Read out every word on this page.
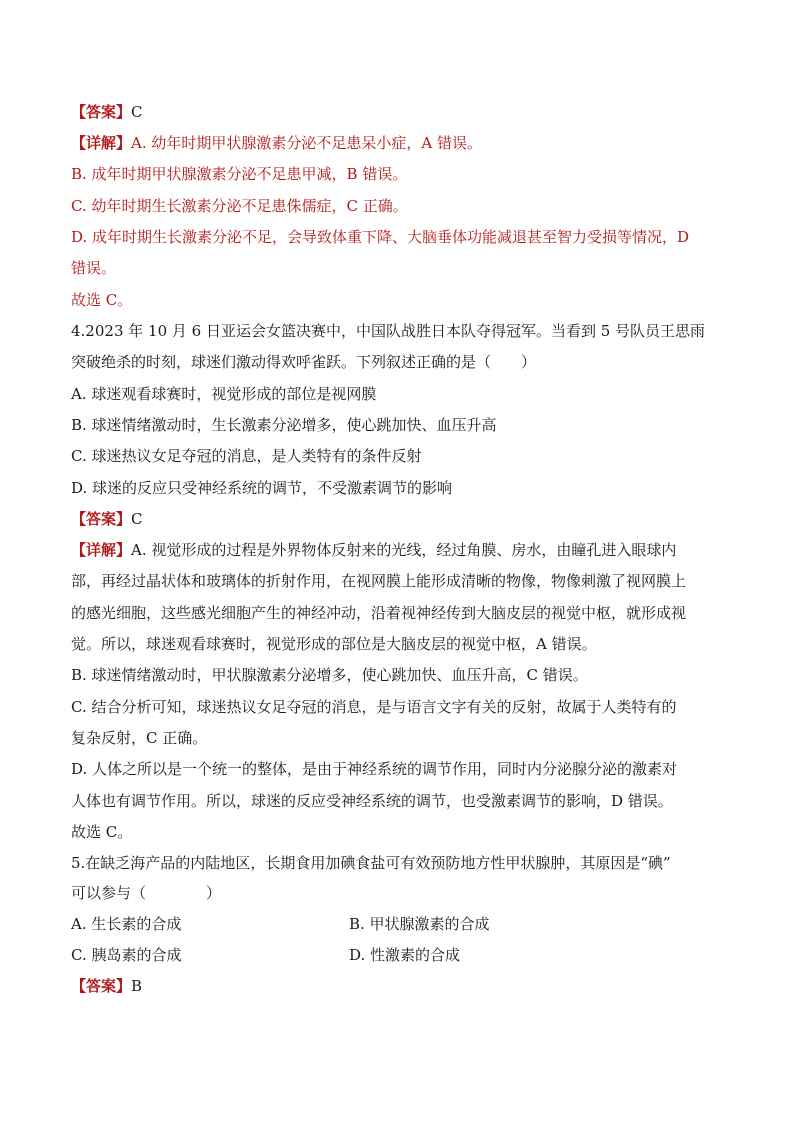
【答案】C
【详解】A. 幼年时期甲状腺激素分泌不足患呆小症，A 错误。
B. 成年时期甲状腺激素分泌不足患甲减，B 错误。
C. 幼年时期生长激素分泌不足患侏儒症，C 正确。
D. 成年时期生长激素分泌不足，会导致体重下降、大脑垂体功能减退甚至智力受损等情况，D
错误。
故选 C。
4.2023 年 10 月 6 日亚运会女篮决赛中，中国队战胜日本队夺得冠军。当看到 5 号队员王思雨
突破绝杀的时刻，球迷们激动得欢呼雀跃。下列叙述正确的是（　　）
A. 球迷观看球赛时，视觉形成的部位是视网膜
B. 球迷情绪激动时，生长激素分泌增多，使心跳加快、血压升高
C. 球迷热议女足夺冠的消息，是人类特有的条件反射
D. 球迷的反应只受神经系统的调节，不受激素调节的影响
【答案】C
【详解】A. 视觉形成的过程是外界物体反射来的光线，经过角膜、房水，由瞳孔进入眼球内
部，再经过晶状体和玻璃体的折射作用，在视网膜上能形成清晰的物像，物像刺激了视网膜上
的感光细胞，这些感光细胞产生的神经冲动，沿着视神经传到大脑皮层的视觉中枢，就形成视
觉。所以，球迷观看球赛时，视觉形成的部位是大脑皮层的视觉中枢，A 错误。
B. 球迷情绪激动时，甲状腺激素分泌增多，使心跳加快、血压升高，C 错误。
C. 结合分析可知，球迷热议女足夺冠的消息，是与语言文字有关的反射，故属于人类特有的
复杂反射，C 正确。
D. 人体之所以是一个统一的整体，是由于神经系统的调节作用，同时内分泌腺分泌的激素对
人体也有调节作用。所以，球迷的反应受神经系统的调节，也受激素调节的影响，D 错误。
故选 C。
5.在缺乏海产品的内陆地区，长期食用加碘食盐可有效预防地方性甲状腺肿，其原因是“碘”
可以参与（　　　　）
A. 生长素的合成	B. 甲状腺激素的合成
C. 胰岛素的合成	D. 性激素的合成
【答案】B
